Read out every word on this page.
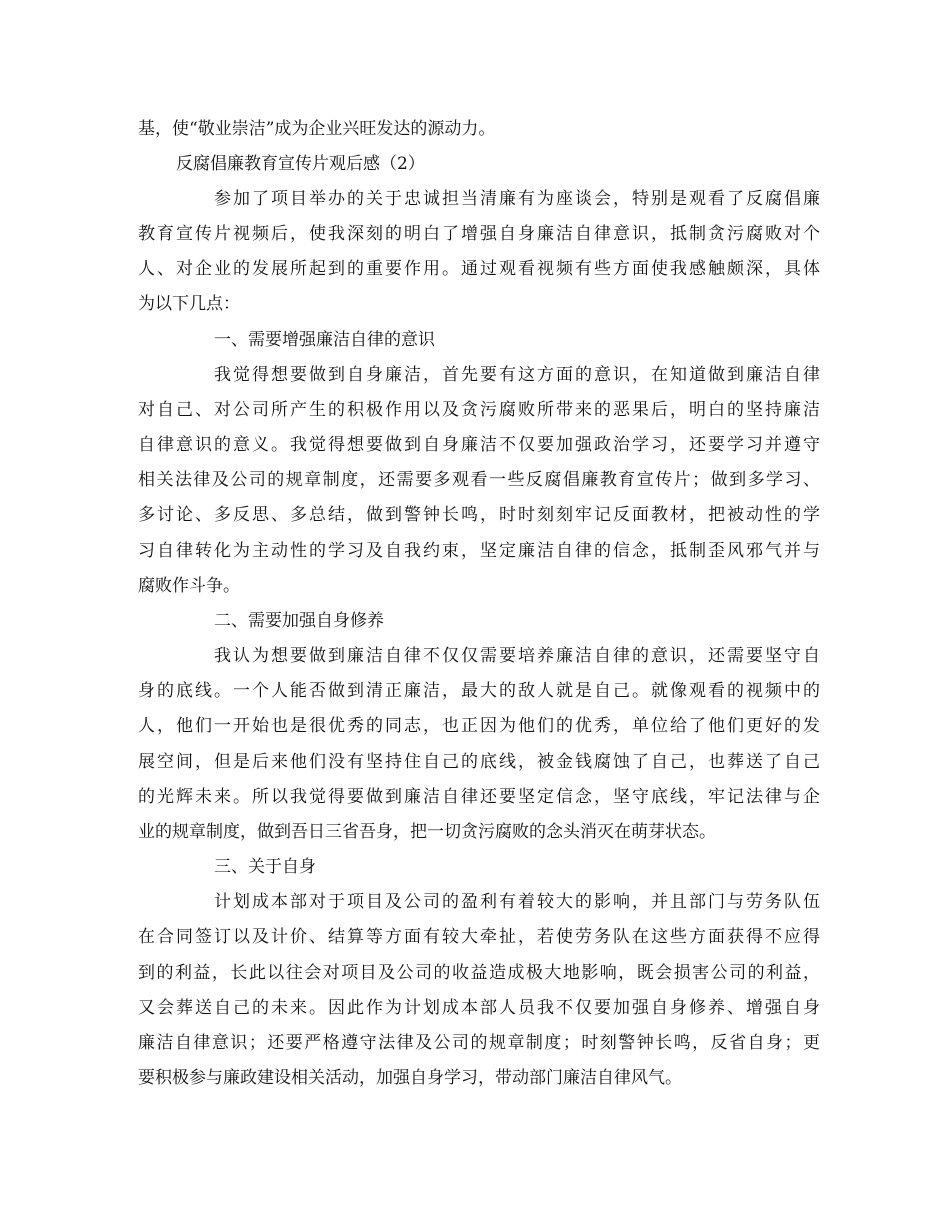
基，使“敬业崇洁”成为企业兴旺发达的源动力。
反腐倡廉教育宣传片观后感（2）
参加了项目举办的关于忠诚担当清廉有为座谈会，特别是观看了反腐倡廉
教育宣传片视频后，使我深刻的明白了增强自身廉洁自律意识，抵制贪污腐败对个
人、对企业的发展所起到的重要作用。通过观看视频有些方面使我感触颇深，具体
为以下几点：
一、需要增强廉洁自律的意识
我觉得想要做到自身廉洁，首先要有这方面的意识，在知道做到廉洁自律
对自己、对公司所产生的积极作用以及贪污腐败所带来的恶果后，明白的坚持廉洁
自律意识的意义。我觉得想要做到自身廉洁不仅要加强政治学习，还要学习并遵守
相关法律及公司的规章制度，还需要多观看一些反腐倡廉教育宣传片；做到多学习、
多讨论、多反思、多总结，做到警钟长鸣，时时刻刻牢记反面教材，把被动性的学
习自律转化为主动性的学习及自我约束，坚定廉洁自律的信念，抵制歪风邪气并与
腐败作斗争。
二、需要加强自身修养
我认为想要做到廉洁自律不仅仅需要培养廉洁自律的意识，还需要坚守自
身的底线。一个人能否做到清正廉洁，最大的敌人就是自己。就像观看的视频中的
人，他们一开始也是很优秀的同志，也正因为他们的优秀，单位给了他们更好的发
展空间，但是后来他们没有坚持住自己的底线，被金钱腐蚀了自己，也葬送了自己
的光辉未来。所以我觉得要做到廉洁自律还要坚定信念，坚守底线，牢记法律与企
业的规章制度，做到吾日三省吾身，把一切贪污腐败的念头消灭在萌芽状态。
三、关于自身
计划成本部对于项目及公司的盈利有着较大的影响，并且部门与劳务队伍
在合同签订以及计价、结算等方面有较大牵扯，若使劳务队在这些方面获得不应得
到的利益，长此以往会对项目及公司的收益造成极大地影响，既会损害公司的利益，
又会葬送自己的未来。因此作为计划成本部人员我不仅要加强自身修养、增强自身
廉洁自律意识；还要严格遵守法律及公司的规章制度；时刻警钟长鸣，反省自身；更
要积极参与廉政建设相关活动，加强自身学习，带动部门廉洁自律风气。
